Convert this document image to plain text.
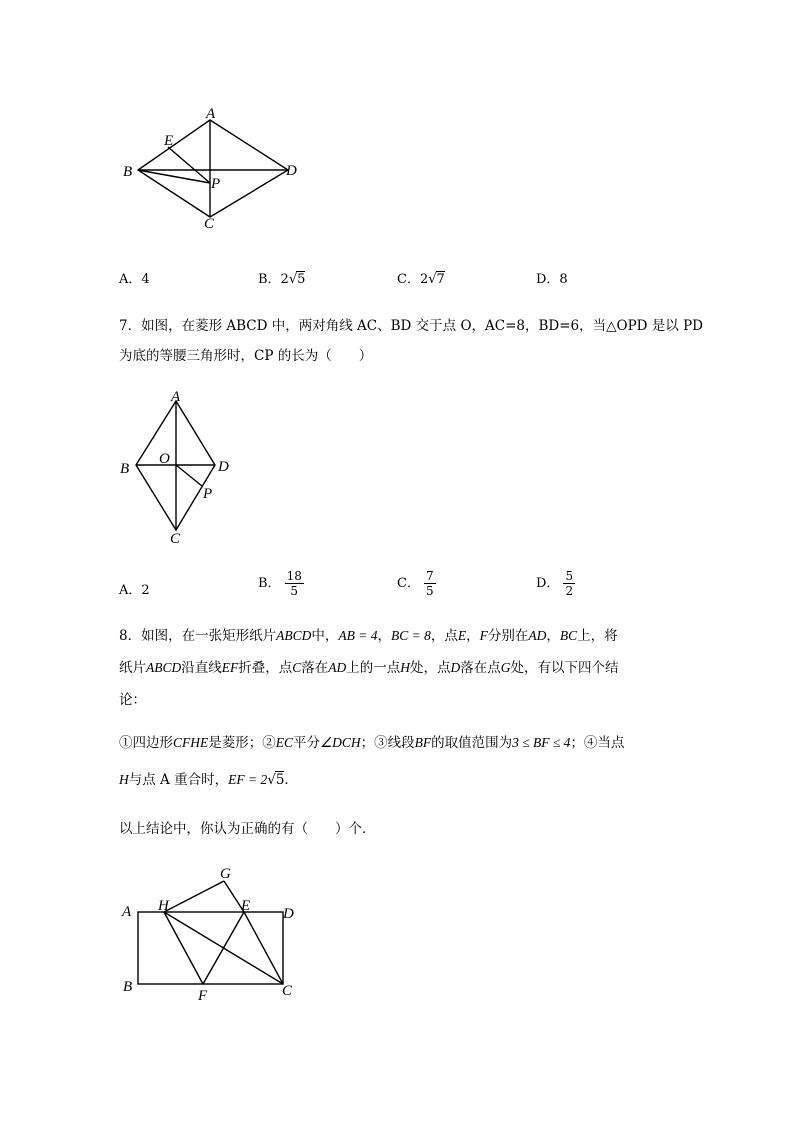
A
B
C
D
E
P
A．4	B．2√5	C．2√7	D．8
7．如图，在菱形 ABCD 中，两对角线 AC、BD 交于点 O，AC=8，BD=6，当△OPD 是以 PD
为底的等腰三角形时，CP 的长为（　　）
A
B
C
D
O
P
A．2	B． $\frac{18}{5}$	C． $\frac{7}{5}$	D． $\frac{5}{2}$
8．如图，在一张矩形纸片ABCD中，AB = 4，BC = 8，点E，F分别在AD，BC上，将
纸片ABCD沿直线EF折叠，点C落在AD上的一点H处，点D落在点G处，有以下四个结
论：
①四边形CFHE是菱形；②EC平分∠DCH；③线段BF的取值范围为3 ≤ BF ≤ 4；④当点
H与点 A 重合时，EF = 2√5．
以上结论中，你认为正确的有（　　）个．
A
B	C
D
E
F
G
H
